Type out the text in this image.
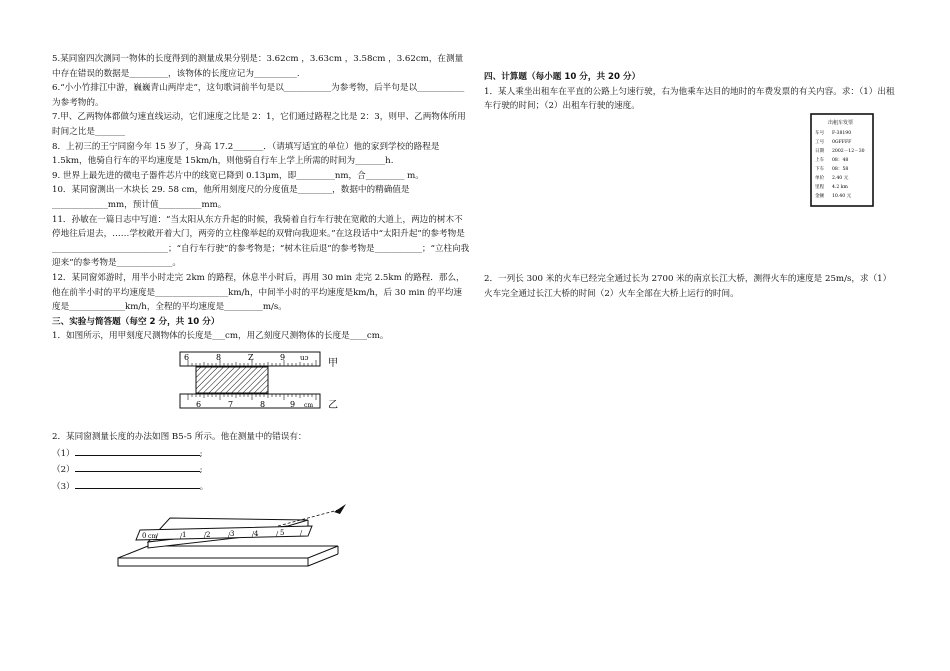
5.某同窗四次测同一物体的长度得到的测量成果分别是：3.62cm ，3.63cm ，3.58cm ，3.62cm，在测量中存在错误的数据是_________，该物体的长度应记为__________.

6.“小小竹排江中游，巍巍青山两岸走”，这句歌词前半句是以___________为参考物，后半句是以___________为参考物的。

7.甲、乙两物体都做匀速直线运动，它们速度之比是 2：1，它们通过路程之比是 2：3，则甲、乙两物体所用时间之比是_______

8．上初三的王宁同窗今年 15 岁了，身高 17.2_______．（请填写适宜的单位）他的家到学校的路程是 1.5km，他骑自行车的平均速度是 15km/h，则他骑自行车上学上所需的时间为_______h.

9. 世界上最先进的微电子器件芯片中的线宽已降到 0.13μm，即_________nm，合_________ m。

10．某同窗测出一木块长 29. 58 cm，他所用刻度尺的分度值是________，数据中的精确值是_____________mm，预计值__________mm。

11．孙敏在一篇日志中写道：“当太阳从东方升起的时候，我骑着自行车行驶在宽敞的大道上，两边的树木不停地往后退去，……学校敞开着大门，两旁的立柱像举起的双臂向我迎来。”在这段话中“太阳升起”的参考物是___________________________；“自行车行驶”的参考物是；“树木往后退”的参考物是___________；“立柱向我迎来”的参考物是_____________。

12．某同窗郊游时，用半小时走完 2km 的路程，休息半小时后，再用 30 min 走完 2.5km 的路程．那么，他在前半小时的平均速度是_________________km/h，中间半小时的平均速度是km/h，后 30 min 的平均速度是_____________km/h，全程的平均速度是_________m/s。

三、实验与简答题（每空 2 分，共 10 分）

1．如图所示，用甲刻度尺测物体的长度是___cm，用乙刻度尺测物体的长度是____cm。

6	8	Z	9 uɔ
6	7	8	9 cm
甲
乙

2．某同窗测量长度的办法如图 B5-5 所示。他在测量中的错误有：

（1）	;

（2）	;

（3）	。

0 cm	1	2	3	4	5

四、计算题（每小题 10 分，共 20 分）

1．某人乘坐出租车在平直的公路上匀速行驶，右为他乘车达目的地时的车费发票的有关内容。求：（1）出租车行驶的时间；（2）出租车行驶的速度。

出租车发票
车号 F-38190
工号 0GFFFF
日期 2002－12－30
上车 08：48
下车 08：58
单价 2.40 元
里程 4.2 km
金额 10.40 元

2．一列长 300 米的火车已经完全通过长为 2700 米的南京长江大桥，测得火车的速度是 25m/s，求（1）火车完全通过长江大桥的时间（2）火车全部在大桥上运行的时间。
